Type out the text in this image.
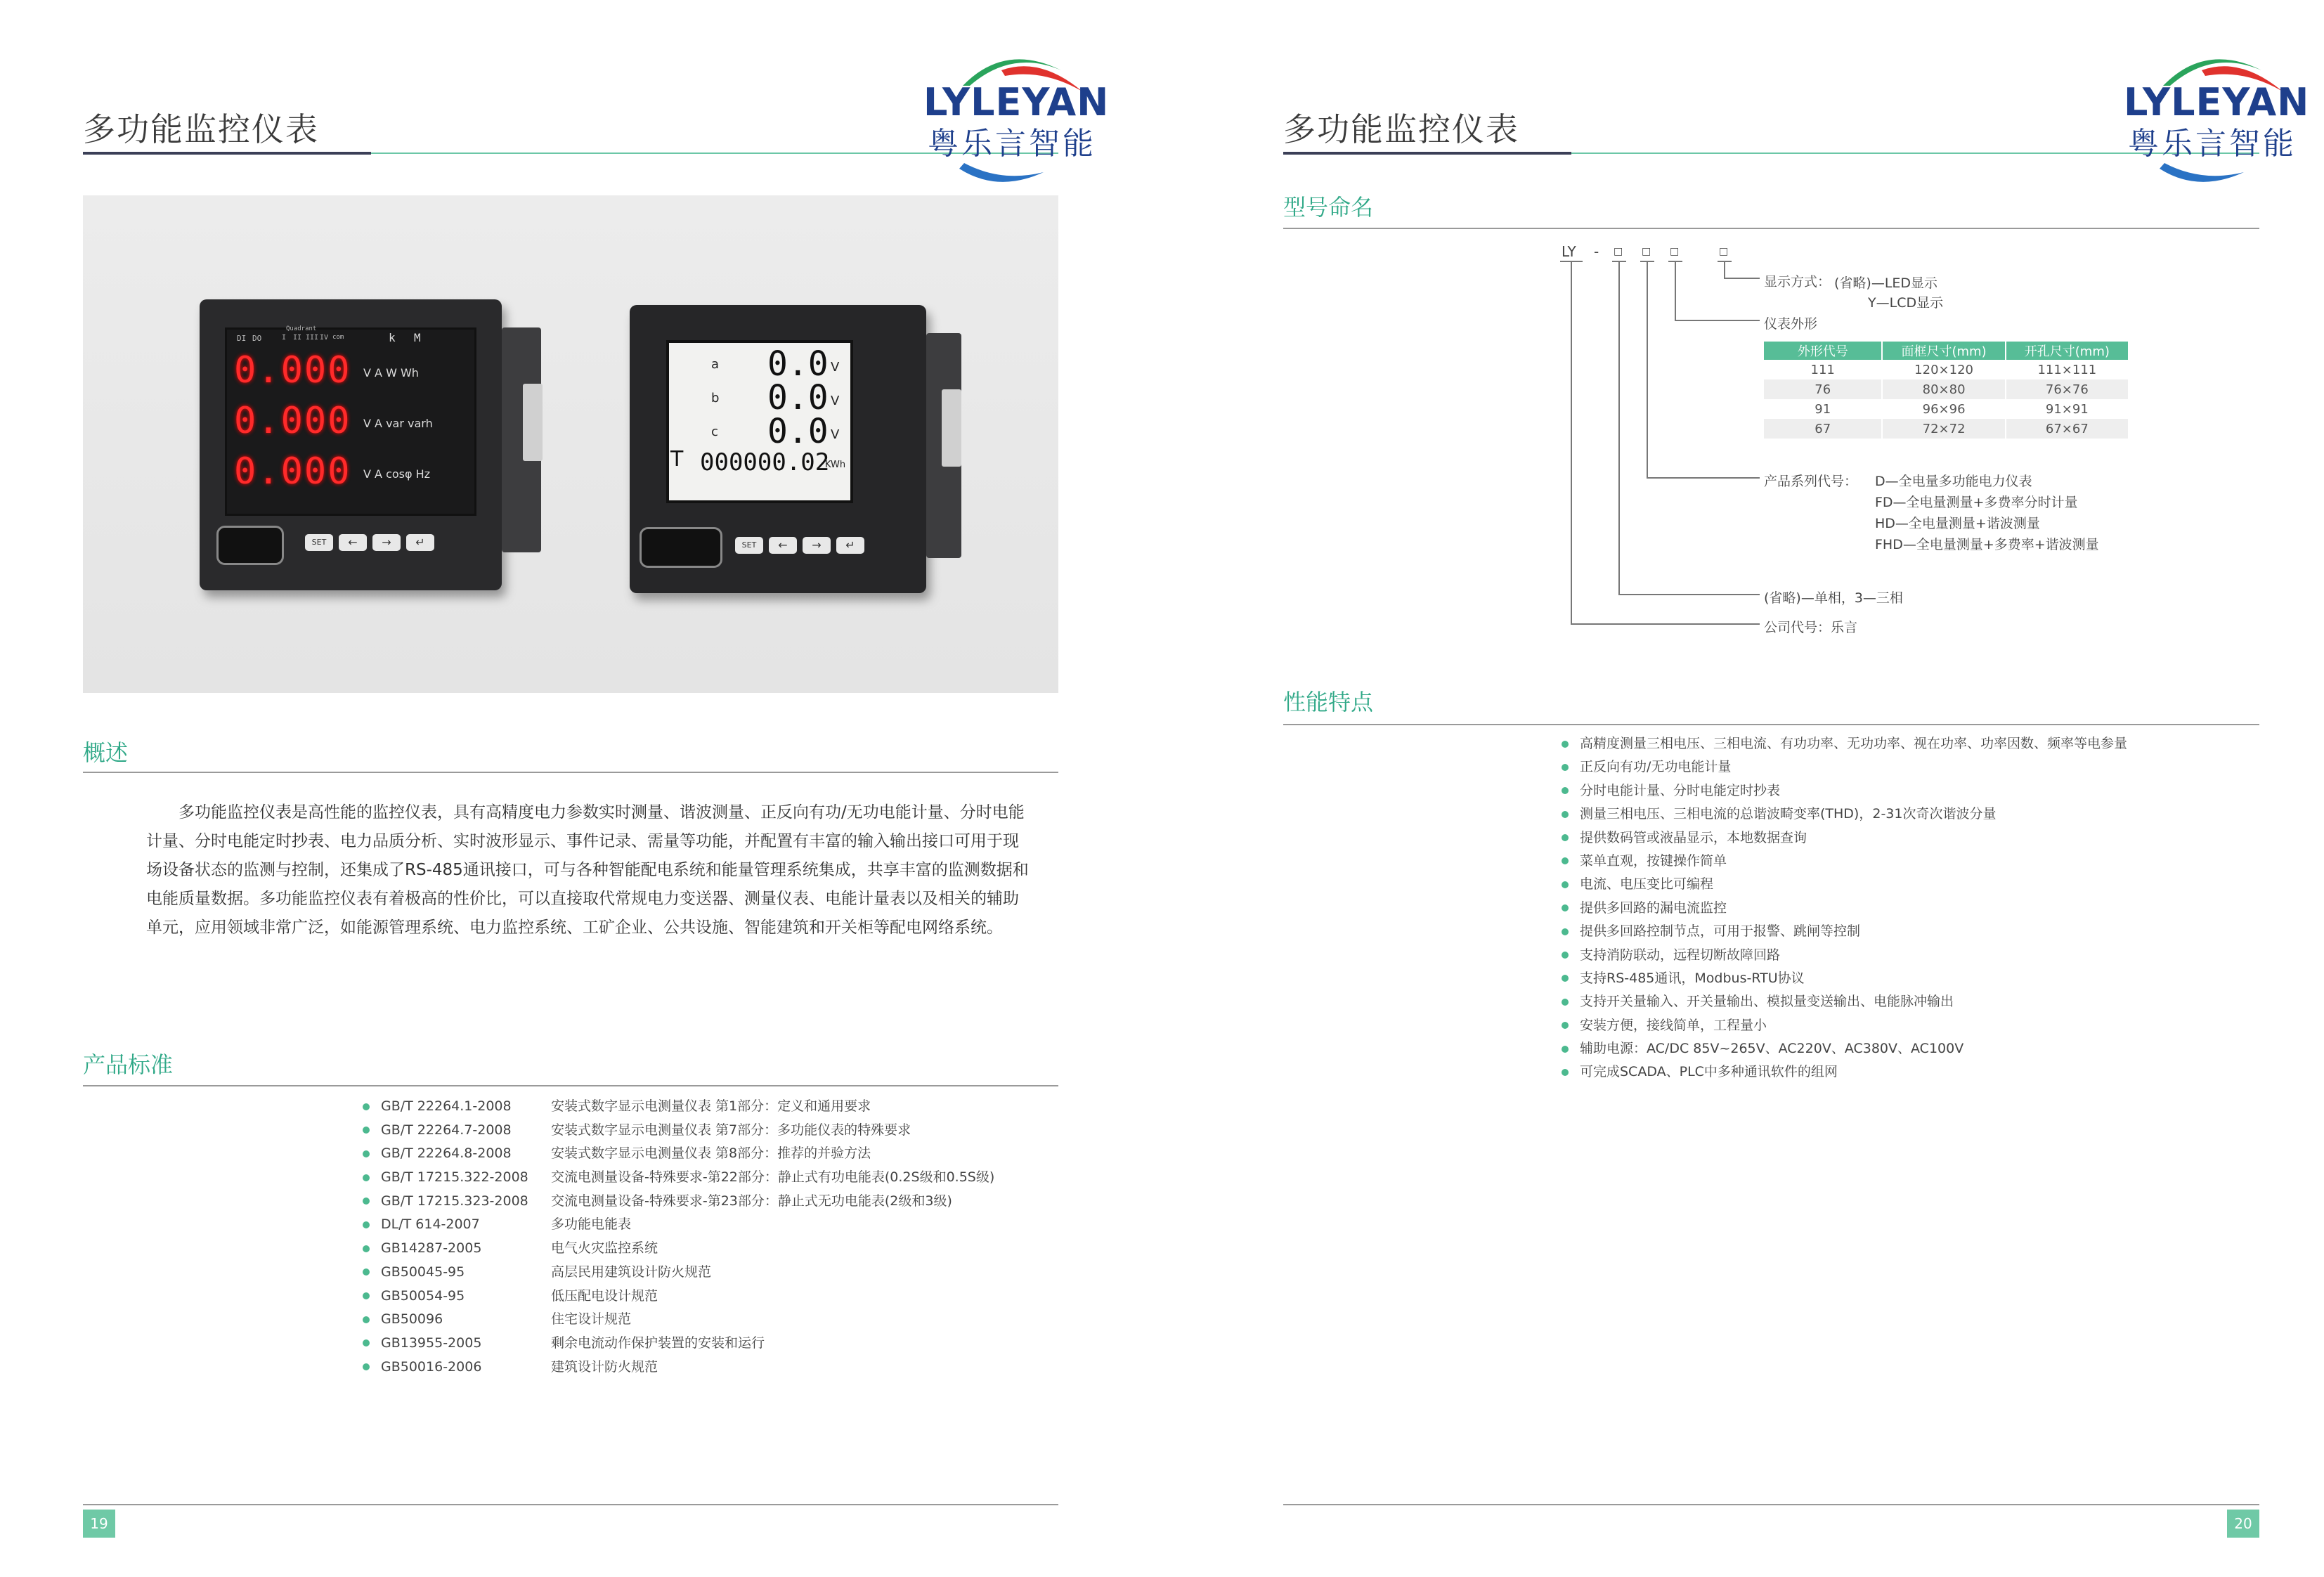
多功能监控仪表
LYLEYAN
粤乐言智能
DI DO
Quadrant
I II III IV com	k M
0.000 V A W Wh
0.000 V A var varh
0.000 V A cosφ Hz
SET	←	→	↵
a 0.0 V
b 0.0 V
c 0.0 V
T 000000.02
KWh
SET	←	→	↵
概述
多功能监控仪表是高性能的监控仪表，具有高精度电力参数实时测量、谐波测量、正反向有功/无功电能计量、分时电能
计量、分时电能定时抄表、电力品质分析、实时波形显示、事件记录、需量等功能，并配置有丰富的输入输出接口可用于现
场设备状态的监测与控制，还集成了RS-485通讯接口，可与各种智能配电系统和能量管理系统集成，共享丰富的监测数据和
电能质量数据。多功能监控仪表有着极高的性价比，可以直接取代常规电力变送器、测量仪表、电能计量表以及相关的辅助
单元，应用领域非常广泛，如能源管理系统、电力监控系统、工矿企业、公共设施、智能建筑和开关柜等配电网络系统。
产品标准
GB/T 22264.1-2008	安装式数字显示电测量仪表 第1部分：定义和通用要求
GB/T 22264.7-2008	安装式数字显示电测量仪表 第7部分：多功能仪表的特殊要求
GB/T 22264.8-2008	安装式数字显示电测量仪表 第8部分：推荐的并验方法
GB/T 17215.322-2008 交流电测量设备-特殊要求-第22部分：静止式有功电能表(0.2S级和0.5S级)
GB/T 17215.323-2008 交流电测量设备-特殊要求-第23部分：静止式无功电能表(2级和3级)
DL/T 614-2007	多功能电能表
GB14287-2005	电气火灾监控系统
GB50045-95	高层民用建筑设计防火规范
GB50054-95	低压配电设计规范
GB50096	住宅设计规范
GB13955-2005	剩余电流动作保护装置的安装和运行
GB50016-2006	建筑设计防火规范
19
多功能监控仪表
LYLEYAN
粤乐言智能
型号命名
LY - □ □ □	□
显示方式： (省略)—LED显示
Y—LCD显示
仪表外形
外形代号	面框尺寸(mm)	开孔尺寸(mm)
111	120×120	111×111
76	80×80	76×76
91	96×96	91×91
67	72×72	67×67
产品系列代号： D—全电量多功能电力仪表
FD—全电量测量+多费率分时计量
HD—全电量测量+谐波测量
FHD—全电量测量+多费率+谐波测量
(省略)—单相，3—三相
公司代号：乐言
性能特点
高精度测量三相电压、三相电流、有功功率、无功功率、视在功率、功率因数、频率等电参量
正反向有功/无功电能计量
分时电能计量、分时电能定时抄表
测量三相电压、三相电流的总谐波畸变率(THD)，2-31次奇次谐波分量
提供数码管或液晶显示，本地数据查询
菜单直观，按键操作简单
电流、电压变比可编程
提供多回路的漏电流监控
提供多回路控制节点，可用于报警、跳闸等控制
支持消防联动，远程切断故障回路
支持RS-485通讯，Modbus-RTU协议
支持开关量输入、开关量输出、模拟量变送输出、电能脉冲输出
安装方便，接线简单，工程量小
辅助电源：AC/DC 85V~265V、AC220V、AC380V、AC100V
可完成SCADA、PLC中多种通讯软件的组网
20
